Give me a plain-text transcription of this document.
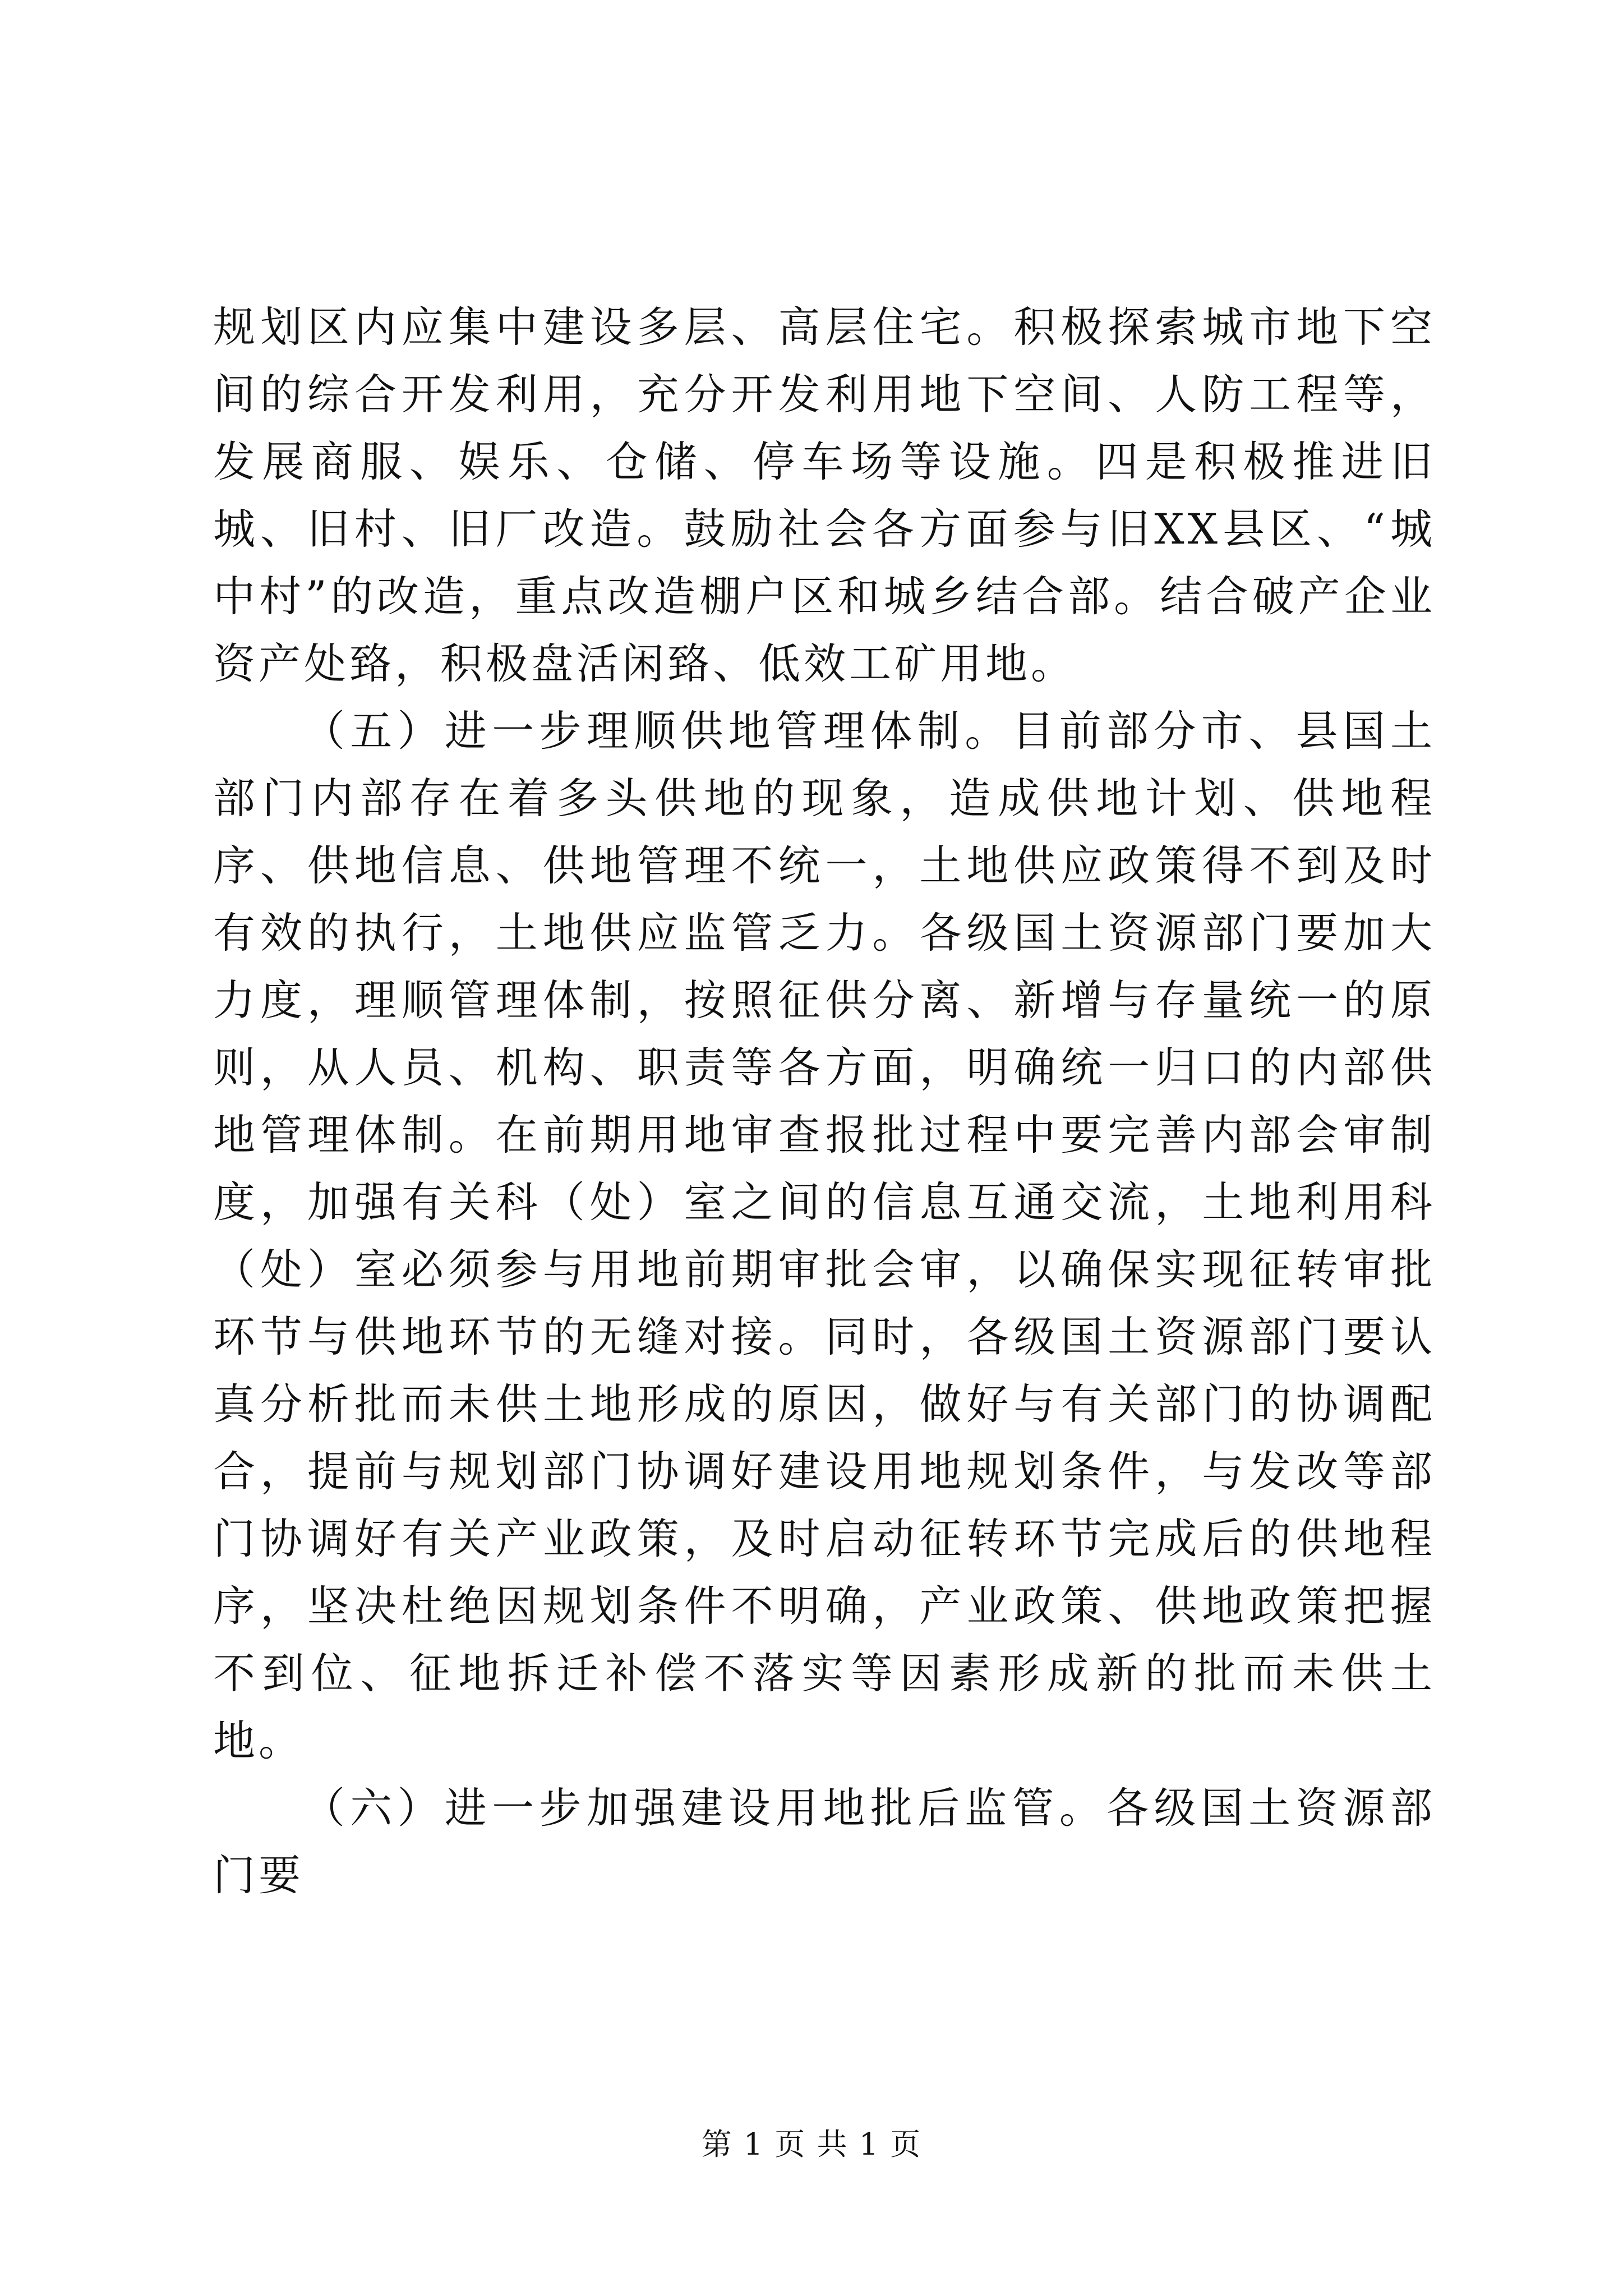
规划区内应集中建设多层、高层住宅。积极探索城市地下空间的综合开发利用，充分开发利用地下空间、人防工程等，发展商服、娱乐、仓储、停车场等设施。四是积极推进旧城、旧村、旧厂改造。鼓励社会各方面参与旧XX县区、“城中村”的改造，重点改造棚户区和城乡结合部。结合破产企业资产处臵，积极盘活闲臵、低效工矿用地。

（五）进一步理顺供地管理体制。目前部分市、县国土部门内部存在着多头供地的现象，造成供地计划、供地程序、供地信息、供地管理不统一，土地供应政策得不到及时有效的执行，土地供应监管乏力。各级国土资源部门要加大力度，理顺管理体制，按照征供分离、新增与存量统一的原则，从人员、机构、职责等各方面，明确统一归口的内部供地管理体制。在前期用地审查报批过程中要完善内部会审制度，加强有关科（处）室之间的信息互通交流，土地利用科（处）室必须参与用地前期审批会审，以确保实现征转审批环节与供地环节的无缝对接。同时，各级国土资源部门要认真分析批而未供土地形成的原因，做好与有关部门的协调配合，提前与规划部门协调好建设用地规划条件，与发改等部门协调好有关产业政策，及时启动征转环节完成后的供地程序，坚决杜绝因规划条件不明确，产业政策、供地政策把握不到位、征地拆迁补偿不落实等因素形成新的批而未供土地。

（六）进一步加强建设用地批后监管。各级国土资源部门要

第 1 页 共 1 页
